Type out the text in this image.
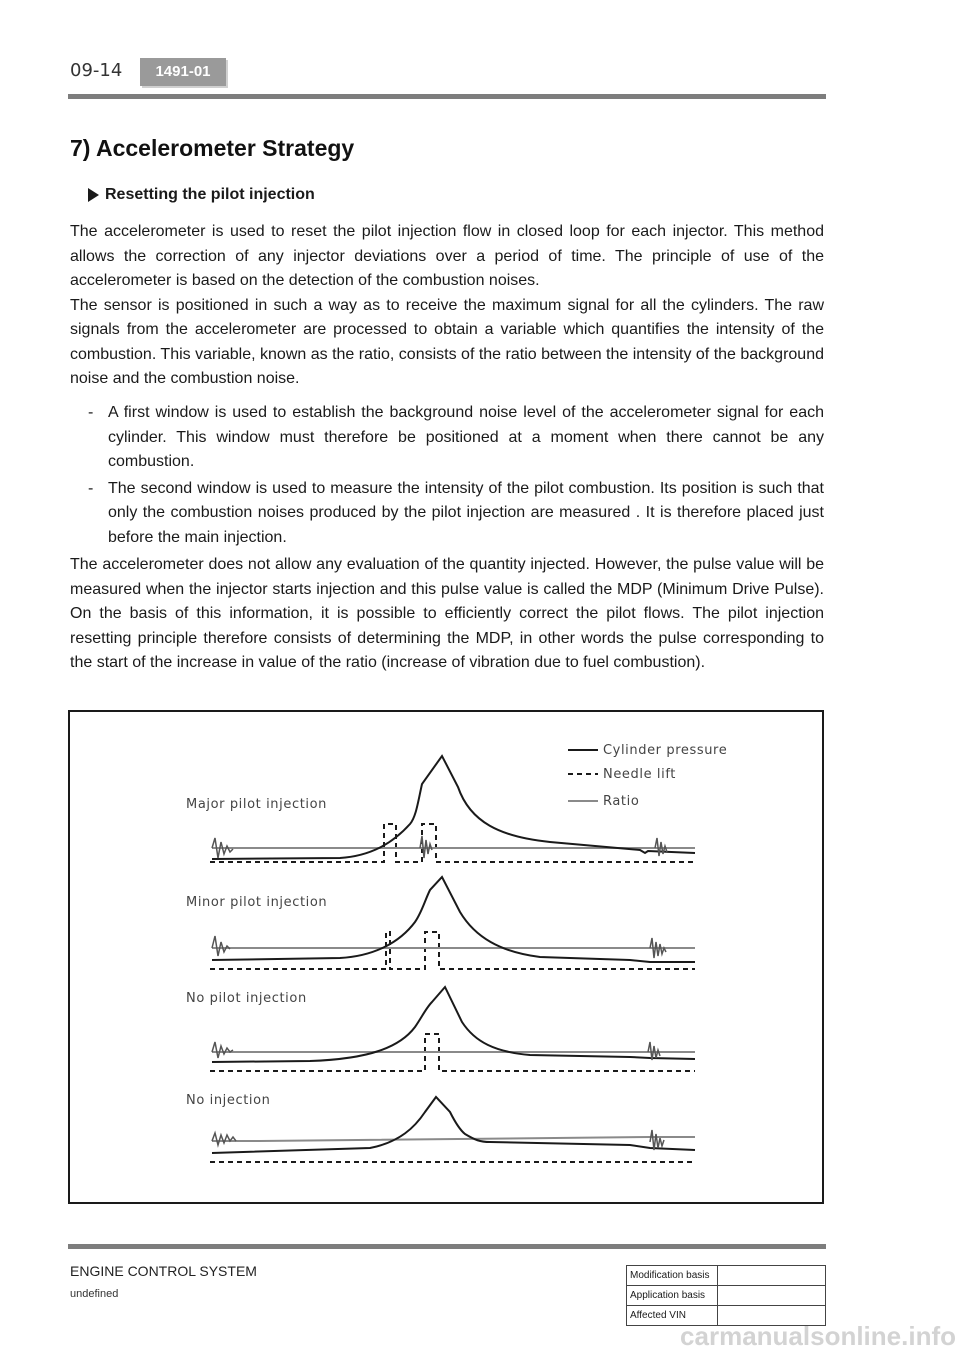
09-14	1491-01
7) Accelerometer Strategy
Resetting the pilot injection
The accelerometer is used to reset the pilot injection flow in closed loop for each injector. This method allows the correction of any injector deviations over a period of time. The principle of use of the accelerometer is based on the detection of the combustion noises.
The sensor is positioned in such a way as to receive the maximum signal for all the cylinders. The raw signals from the accelerometer are processed to obtain a variable which quantifies the intensity of the combustion. This variable, known as the ratio, consists of the ratio between the intensity of the background noise and the combustion noise.
- A first window is used to establish the background noise level of the accelerometer signal for each cylinder. This window must therefore be positioned at a moment when there cannot be any combustion.
- The second window is used to measure the intensity of the pilot combustion. Its position is such that only the combustion noises produced by the pilot injection are measured . It is therefore placed just before the main injection.
The accelerometer does not allow any evaluation of the quantity injected. However, the pulse value will be measured when the injector starts injection and this pulse value is called the MDP (Minimum Drive Pulse). On the basis of this information, it is possible to efficiently correct the pilot flows. The pilot injection resetting principle therefore consists of determining the MDP, in other words the pulse corresponding to the start of the increase in value of the ratio (increase of vibration due to fuel combustion).
Cylinder pressure
Needle lift
Ratio
Major pilot injection
Minor pilot injection
No pilot injection
No injection
ENGINE CONTROL SYSTEM
undefined
Modification basis	
Application basis	
Affected VIN	
carmanualsonline.info
